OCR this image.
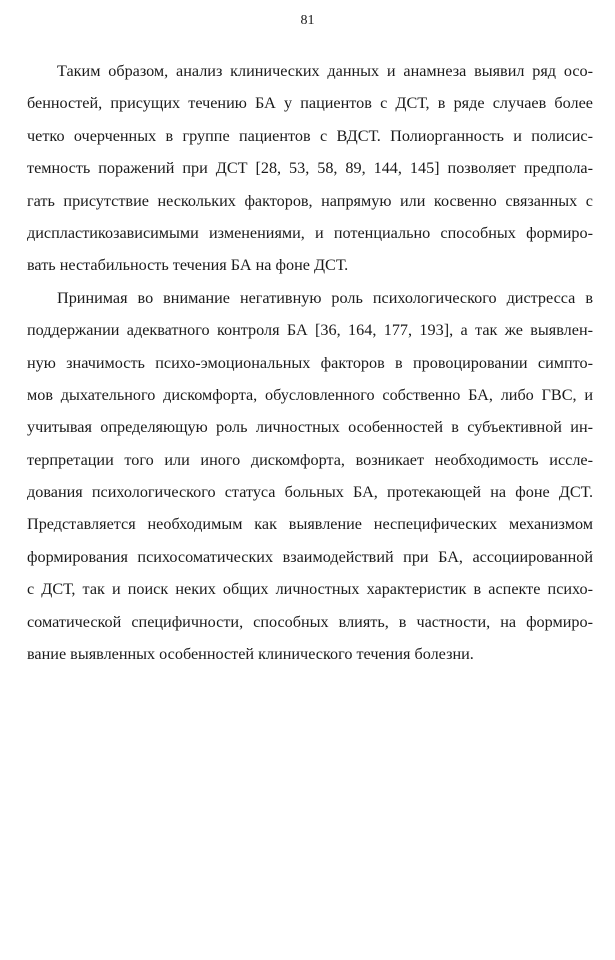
81
Таким образом, анализ клинических данных и анамнеза выявил ряд осо-
бенностей, присущих течению БА у пациентов с ДСТ, в ряде случаев более
четко очерченных в группе пациентов с ВДСТ. Полиорганность и полисис-
темность поражений при ДСТ [28, 53, 58, 89, 144, 145] позволяет предпола-
гать присутствие нескольких факторов, напрямую или косвенно связанных с
диспластикозависимыми изменениями, и потенциально способных формиро-
вать нестабильность течения БА на фоне ДСТ.
Принимая во внимание негативную роль психологического дистресса в
поддержании адекватного контроля БА [36, 164, 177, 193], а так же выявлен-
ную значимость психо-эмоциональных факторов в провоцировании симпто-
мов дыхательного дискомфорта, обусловленного собственно БА, либо ГВС, и
учитывая определяющую роль личностных особенностей в субъективной ин-
терпретации того или иного дискомфорта, возникает необходимость иссле-
дования психологического статуса больных БА, протекающей на фоне ДСТ.
Представляется необходимым как выявление неспецифических механизмом
формирования психосоматических взаимодействий при БА, ассоциированной
с ДСТ, так и поиск неких общих личностных характеристик в аспекте психо-
соматической специфичности, способных влиять, в частности, на формиро-
вание выявленных особенностей клинического течения болезни.
